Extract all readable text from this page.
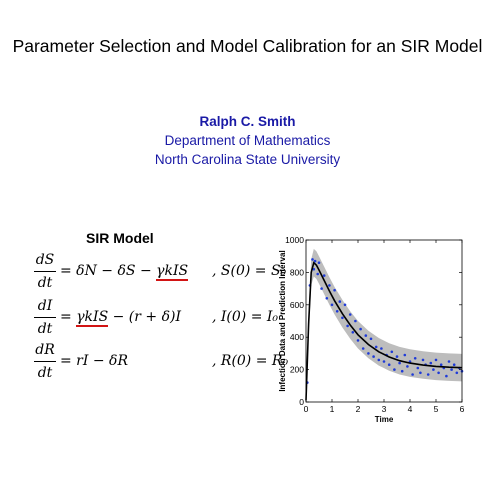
Parameter Selection and Model Calibration for an SIR Model
Ralph C. Smith
Department of Mathematics
North Carolina State University
SIR Model
dS
dt
= δN − δS − γkIS , S(0) = S₀
dI
dt
= γkIS − (r + δ)I , I(0) = I₀
dR
dt
= rI − δR	, R(0) = R₀
0	1	2	3	4	5	6
0
200
400
600
800
1000
Time
Infection Data and Prediction Interval
